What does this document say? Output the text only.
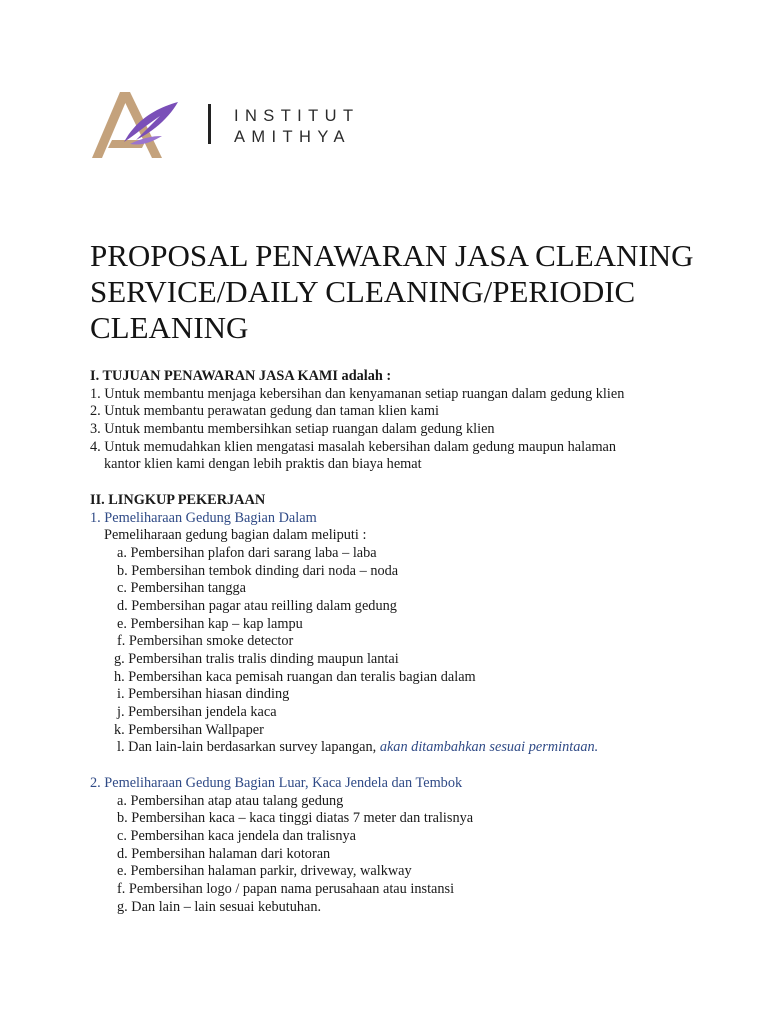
INSTITUT
AMITHYA
PROPOSAL PENAWARAN JASA CLEANING SERVICE/DAILY CLEANING/PERIODIC CLEANING
I. TUJUAN PENAWARAN JASA KAMI adalah :
1. Untuk membantu menjaga kebersihan dan kenyamanan setiap ruangan dalam gedung klien
2. Untuk membantu perawatan gedung dan taman klien kami
3. Untuk membantu membersihkan setiap ruangan dalam gedung klien
4. Untuk memudahkan klien mengatasi masalah kebersihan dalam gedung maupun halaman
kantor klien kami dengan lebih praktis dan biaya hemat
II. LINGKUP PEKERJAAN
1. Pemeliharaan Gedung Bagian Dalam
Pemeliharaan gedung bagian dalam meliputi :
a. Pembersihan plafon dari sarang laba – laba
b. Pembersihan tembok dinding dari noda – noda
c. Pembersihan tangga
d. Pembersihan pagar atau reilling dalam gedung
e. Pembersihan kap – kap lampu
f. Pembersihan smoke detector
g. Pembersihan tralis tralis dinding maupun lantai
h. Pembersihan kaca pemisah ruangan dan teralis bagian dalam
i. Pembersihan hiasan dinding
j. Pembersihan jendela kaca
k. Pembersihan Wallpaper
l. Dan lain-lain berdasarkan survey lapangan, akan ditambahkan sesuai permintaan.
2. Pemeliharaan Gedung Bagian Luar, Kaca Jendela dan Tembok
a. Pembersihan atap atau talang gedung
b. Pembersihan kaca – kaca tinggi diatas 7 meter dan tralisnya
c. Pembersihan kaca jendela dan tralisnya
d. Pembersihan halaman dari kotoran
e. Pembersihan halaman parkir, driveway, walkway
f. Pembersihan logo / papan nama perusahaan atau instansi
g. Dan lain – lain sesuai kebutuhan.
